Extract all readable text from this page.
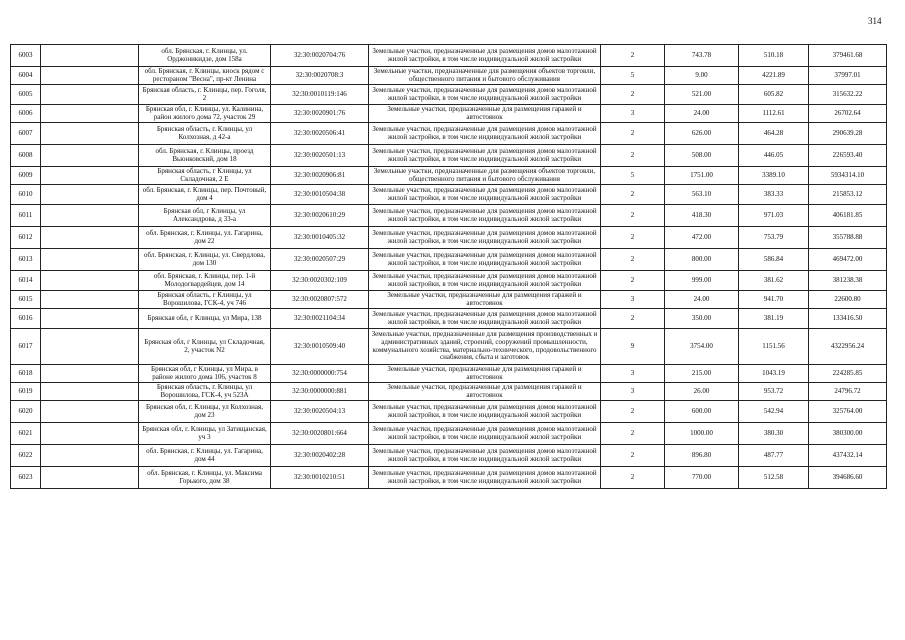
314
6003		обл. Брянская, г. Клинцы, ул. Орджоникидзе, дом 158а	32:30:0020704:76	Земельные участки, предназначенные для размещения домов малоэтажной жилой застройки, в том числе индивидуальной жилой застройки	2	743.78	510.18	379461.68
6004		обл. Брянская, г. Клинцы, киоск рядом с рестораном "Весна", пр-кт Ленина	32:30:0020708:3	Земельные участки, предназначенные для размещения объектов торговли, общественного питания и бытового обслуживания	5	9.00	4221.89	37997.01
6005		Брянская область, г. Клинцы, пер. Гоголя, 2	32:30:0010119:146	Земельные участки, предназначенные для размещения домов малоэтажной жилой застройки, в том числе индивидуальной жилой застройки	2	521.00	605.82	315632.22
6006		Брянская обл, г. Клинцы, ул. Калинина, район жилого дома 72, участок 29	32:30:0020901:76	Земельные участки, предназначенные для размещения гаражей и автостоянок	3	24.00	1112.61	26702.64
6007		Брянская область, г. Клинцы, ул Колхозная, д 42-а	32:30:0020506:41	Земельные участки, предназначенные для размещения домов малоэтажной жилой застройки, в том числе индивидуальной жилой застройки	2	626.00	464.28	290639.28
6008		обл. Брянская, г. Клинцы, проезд Вьюнковский, дом 18	32:30:0020501:13	Земельные участки, предназначенные для размещения домов малоэтажной жилой застройки, в том числе индивидуальной жилой застройки	2	508.00	446.05	226593.40
6009		Брянская область, г Клинцы, ул Складочная, 2 Е	32:30:0020906:81	Земельные участки, предназначенные для размещения объектов торговли, общественного питания и бытового обслуживания	5	1751.00	3389.10	5934314.10
6010		обл. Брянская, г. Клинцы, пер. Почтовый, дом 4	32:30:0010504:38	Земельные участки, предназначенные для размещения домов малоэтажной жилой застройки, в том числе индивидуальной жилой застройки	2	563.10	383.33	215853.12
6011		Брянская обл, г Клинцы, ул Александрова, д 33-а	32:30:0020610:29	Земельные участки, предназначенные для размещения домов малоэтажной жилой застройки, в том числе индивидуальной жилой застройки	2	418.30	971.03	406181.85
6012		обл. Брянская, г. Клинцы, ул. Гагарина, дом 22	32:30:0010405:32	Земельные участки, предназначенные для размещения домов малоэтажной жилой застройки, в том числе индивидуальной жилой застройки	2	472.00	753.79	355788.88
6013		обл. Брянская, г. Клинцы, ул. Свердлова, дом 130	32:30:0020507:29	Земельные участки, предназначенные для размещения домов малоэтажной жилой застройки, в том числе индивидуальной жилой застройки	2	800.00	586.84	469472.00
6014		обл. Брянская, г. Клинцы, пер. 1-й Молодогвардейцев, дом 14	32:30:0020302:109	Земельные участки, предназначенные для размещения домов малоэтажной жилой застройки, в том числе индивидуальной жилой застройки	2	999.00	381.62	381238.38
6015		Брянская область, г Клинцы, ул Ворошилова, ГСК-4, уч 746	32:30:0020807:572	Земельные участки, предназначенные для размещения гаражей и автостоянок	3	24.00	941.70	22600.80
6016		Брянская обл, г Клинцы, ул Мира, 138	32:30:0021104:34	Земельные участки, предназначенные для размещения домов малоэтажной жилой застройки, в том числе индивидуальной жилой застройки	2	350.00	381.19	133416.50
6017		Брянская обл, г Клинцы, ул Складочная, 2, участок N2	32:30:0010509:40	Земельные участки, предназначенные для размещения производственных и административных зданий, строений, сооружений промышленности, коммунального хозяйства, материально-технического, продовольственного снабжения, сбыта и заготовок	9	3754.00	1151.56	4322956.24
6018		Брянская обл, г Клинцы, ул Мира, в районе жилого дома 106, участок 8	32:30:0000000:754	Земельные участки, предназначенные для размещения гаражей и автостоянок	3	215.00	1043.19	224285.85
6019		Брянская область, г. Клинцы, ул Ворошилова, ГСК-4, уч 523А	32:30:0000000:881	Земельные участки, предназначенные для размещения гаражей и автостоянок	3	26.00	953.72	24796.72
6020		Брянская обл, г. Клинцы, ул Колхозная, дом 23	32:30:0020504:13	Земельные участки, предназначенные для размещения домов малоэтажной жилой застройки, в том числе индивидуальной жилой застройки	2	600.00	542.94	325764.00
6021		Брянская обл, г. Клинцы, ул Затищанская, уч 3	32:30:0020801:664	Земельные участки, предназначенные для размещения домов малоэтажной жилой застройки, в том числе индивидуальной жилой застройки	2	1000.00	380.30	380300.00
6022		обл. Брянская, г. Клинцы, ул. Гагарина, дом 44	32:30:0020402:28	Земельные участки, предназначенные для размещения домов малоэтажной жилой застройки, в том числе индивидуальной жилой застройки	2	896.80	487.77	437432.14
6023		обл. Брянская, г. Клинцы, ул. Максима Горького, дом 38	32:30:0010210:51	Земельные участки, предназначенные для размещения домов малоэтажной жилой застройки, в том числе индивидуальной жилой застройки	2	770.00	512.58	394686.60
